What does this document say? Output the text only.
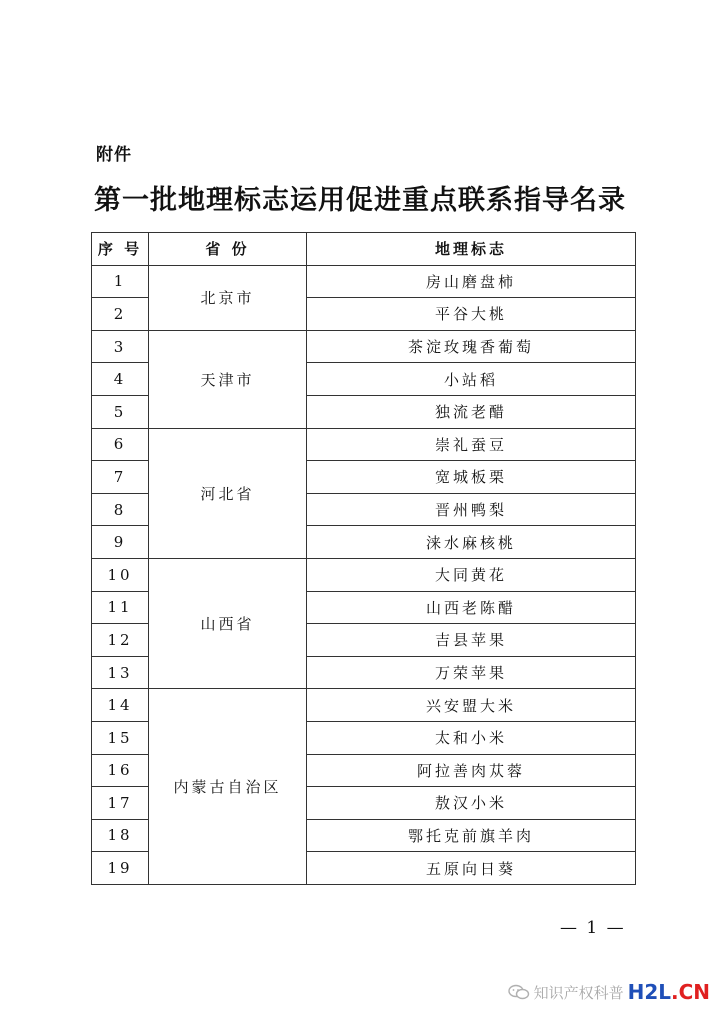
附件
第一批地理标志运用促进重点联系指导名录
序 号	省 份	地理标志
1	北京市	房山磨盘柿
2		平谷大桃
3	天津市	茶淀玫瑰香葡萄
4		小站稻
5		独流老醋
6	河北省	崇礼蚕豆
7		宽城板栗
8		晋州鸭梨
9		涞水麻核桃
10	山西省	大同黄花
11		山西老陈醋
12		吉县苹果
13		万荣苹果
14	内蒙古自治区	兴安盟大米
15		太和小米
16		阿拉善肉苁蓉
17		敖汉小米
18		鄂托克前旗羊肉
19		五原向日葵
— 1 —
知识产权科普 H2L.CN
